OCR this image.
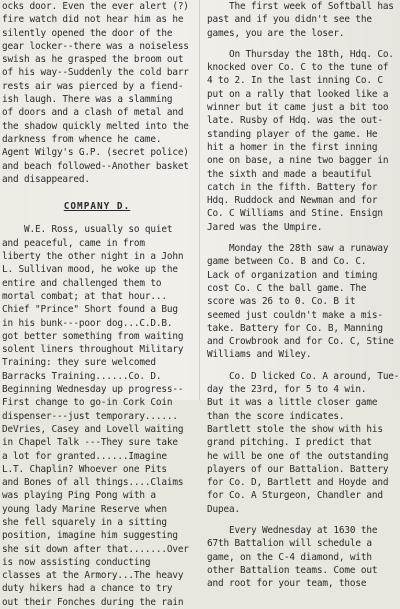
ocks door. Even the ever alert (?)
fire watch did not hear him as he
silently opened the door of the
gear locker--there was a noiseless
swish as he grasped the broom out
of his way--Suddenly the cold barr
rests air was pierced by a fiend-
ish laugh. There was a slamming
of doors and a clash of metal and
the shadow quickly melted into the
darkness from whence he came.
Agent Wilgy's G.P. (secret police)
and beach followed--Another basket
and disappeared.
COMPANY D.
W.E. Ross, usually so quiet
and peaceful, came in from
liberty the other night in a John
L. Sullivan mood, he woke up the
entire and challenged them to
mortal combat; at that hour...
Chief "Prince" Short found a Bug
in his bunk---poor dog...C.D.B.
got better something from waiting
solent liners throughout Military
Training: they sure welcomed
Barracks Training......Co. D.
Beginning Wednesday up progress--
First change to go-in Cork Coin
dispenser---just temporary......
DeVries, Casey and Lovell waiting
in Chapel Talk ---They sure take
a lot for granted......Imagine
L.T. Chaplin? Whoever one Pits
and Bones of all things....Claims
was playing Ping Pong with a
young lady Marine Reserve when
she fell squarely in a sitting
position, imagine him suggesting
she sit down after that.......Over
is now assisting conducting
classes at the Armory...The heavy
duty hikers had a chance to try
out their Fonches during the rain
The first week of Softball has
past and if you didn't see the
games, you are the loser.
On Thursday the 18th, Hdq. Co.
knocked over Co. C to the tune of
4 to 2. In the last inning Co. C
put on a rally that looked like a
winner but it came just a bit too
late. Rusby of Hdq. was the out-
standing player of the game. He
hit a homer in the first inning
one on base, a nine two bagger in
the sixth and made a beautiful
catch in the fifth. Battery for
Hdq. Ruddock and Newman and for
Co. C Williams and Stine. Ensign
Jared was the Umpire.
Monday the 28th saw a runaway
game between Co. B and Co. C.
Lack of organization and timing
cost Co. C the ball game. The
score was 26 to 0. Co. B it
seemed just couldn't make a mis-
take. Battery for Co. B, Manning
and Crowbrook and for Co. C, Stine
Williams and Wiley.
Co. D licked Co. A around, Tue-
day the 23rd, for 5 to 4 win.
But it was a little closer game
than the score indicates.
Bartlett stole the show with his
grand pitching. I predict that
he will be one of the outstanding
players of our Battalion. Battery
for Co. D, Bartlett and Hoyde and
for Co. A Sturgeon, Chandler and
Dupea.
Every Wednesday at 1630 the
67th Battalion will schedule a
game, on the C-4 diamond, with
other Battalion teams. Come out
and root for your team, those
